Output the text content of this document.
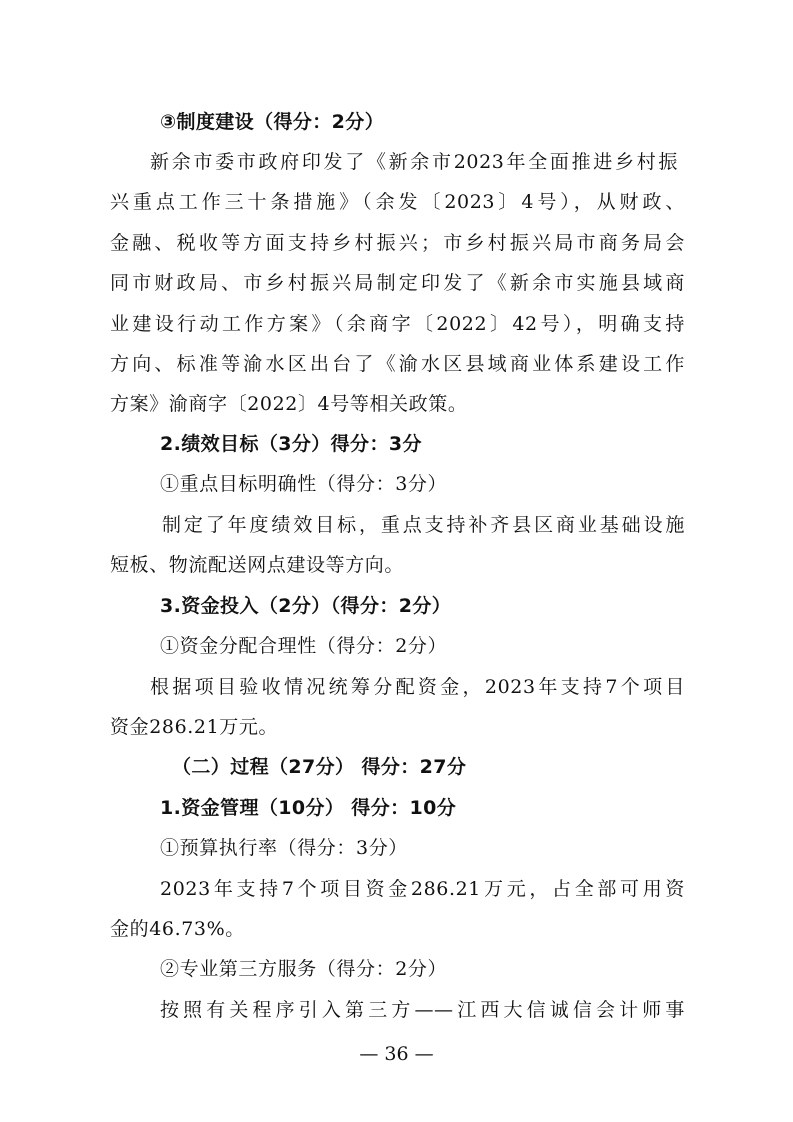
③制度建设（得分：2分）
新余市委市政府印发了《新余市2023年全面推进乡村振
兴重点工作三十条措施》（余发〔2023〕4号），从财政、
金融、税收等方面支持乡村振兴；市乡村振兴局市商务局会
同市财政局、市乡村振兴局制定印发了《新余市实施县域商
业建设行动工作方案》（余商字〔2022〕42号），明确支持
方向、标准等渝水区出台了《渝水区县域商业体系建设工作
方案》渝商字〔2022〕4号等相关政策。
2.绩效目标（3分）得分：3分
①重点目标明确性（得分：3分）
制定了年度绩效目标，重点支持补齐县区商业基础设施
短板、物流配送网点建设等方向。
3.资金投入（2分）（得分：2分）
①资金分配合理性（得分：2分）
根据项目验收情况统筹分配资金，2023年支持7个项目
资金286.21万元。
（二）过程（27分） 得分：27分
1.资金管理（10分） 得分：10分
①预算执行率（得分：3分）
2023年支持7个项目资金286.21万元，占全部可用资
金的46.73%。
②专业第三方服务（得分：2分）
按照有关程序引入第三方——江西大信诚信会计师事
— 36 —
